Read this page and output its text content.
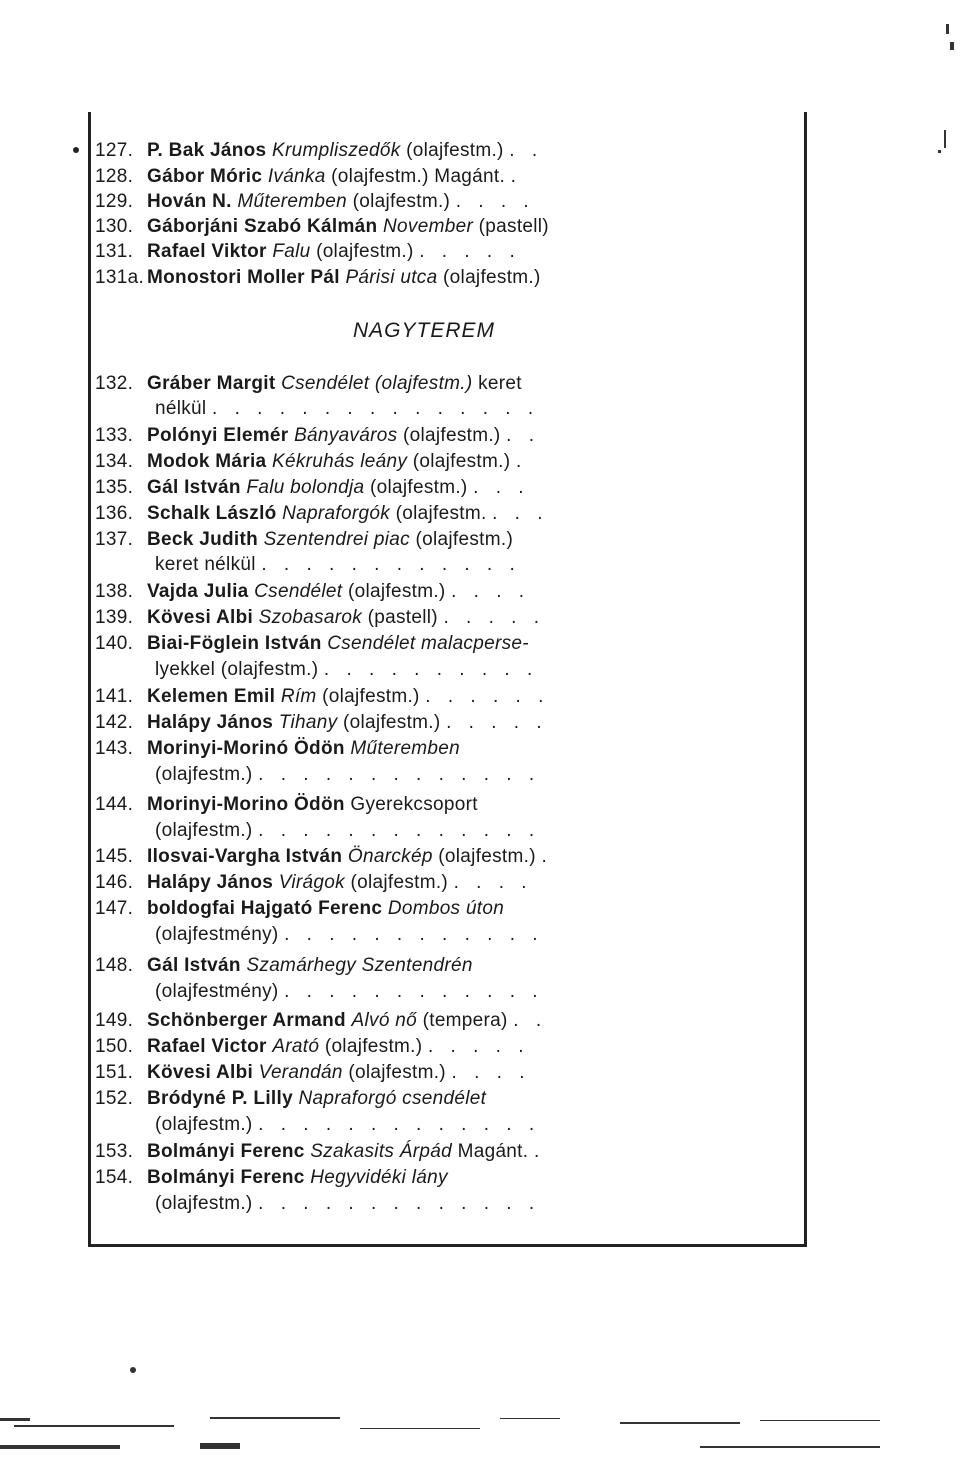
127. P. Bak János Krumpliszedők (olajfestm.) . .
128. Gábor Móric Ivánka (olajfestm.) Magánt. .
129. Hován N. Műteremben (olajfestm.) . . . .
130. Gáborjáni Szabó Kálmán November (pastell)
131. Rafael Viktor Falu (olajfestm.) . . . . .
131a. Monostori Moller Pál Párisi utca (olajfestm.)
132. Gráber Margit Csendélet (olajfestm.) keret
nélkül . . . . . . . . . . . . . . .
133. Polónyi Elemér Bányaváros (olajfestm.) . .
134. Modok Mária Kékruhás leány (olajfestm.) .
135. Gál István Falu bolondja (olajfestm.) . . .
136. Schalk László Napraforgók (olajfestm. . . .
137. Beck Judith Szentendrei piac (olajfestm.)
keret nélkül . . . . . . . . . . . .
138. Vajda Julia Csendélet (olajfestm.) . . . .
139. Kövesi Albi Szobasarok (pastell) . . . . .
140. Biai-Föglein István Csendélet malacperse-
lyekkel (olajfestm.) . . . . . . . . . .
141. Kelemen Emil Rím (olajfestm.) . . . . . .
142. Halápy János Tihany (olajfestm.) . . . . .
143. Morinyi-Morinó Ödön Műteremben
(olajfestm.) . . . . . . . . . . . . .
144. Morinyi-Morino Ödön Gyerekcsoport
(olajfestm.) . . . . . . . . . . . . .
145. Ilosvai-Vargha István Önarckép (olajfestm.) .
146. Halápy János Virágok (olajfestm.) . . . .
147. boldogfai Hajgató Ferenc Dombos úton
(olajfestmény) . . . . . . . . . . . .
148. Gál István Szamárhegy Szentendrén
(olajfestmény) . . . . . . . . . . . .
149. Schönberger Armand Alvó nő (tempera) . .
150. Rafael Victor Arató (olajfestm.) . . . . .
151. Kövesi Albi Verandán (olajfestm.) . . . .
152. Bródyné P. Lilly Napraforgó csendélet
(olajfestm.) . . . . . . . . . . . . .
153. Bolmányi Ferenc Szakasits Árpád Magánt. .
154. Bolmányi Ferenc Hegyvidéki lány
(olajfestm.) . . . . . . . . . . . . .
NAGYTEREM
